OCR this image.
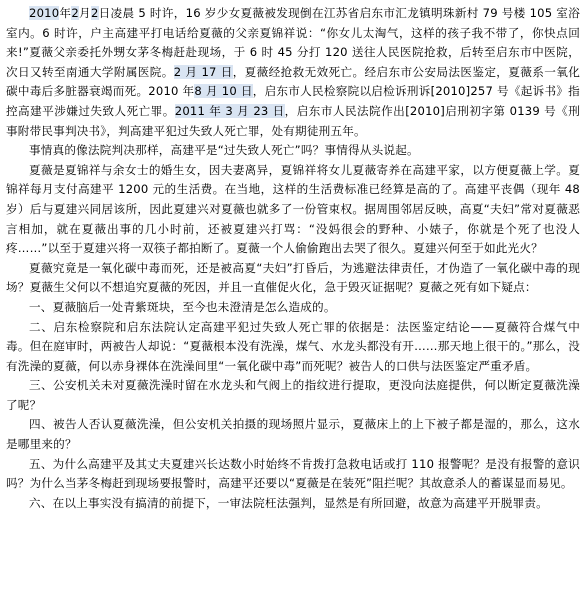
2010年2月2日凌晨 5 时许，16 岁少女夏薇被发现倒在江苏省启东市汇龙镇明珠新村 79 号楼 105 室浴室内。6 时许，户主高建平打电话给夏薇的父亲夏锦祥说：“你女儿太淘气，这样的孩子我不带了，你快点回来!”夏薇父亲委托外甥女茅冬梅赶赴现场，于 6 时 45 分打 120 送往人民医院抢救，后转至启东市中医院，次日又转至南通大学附属医院。2 月 17 日，夏薇经抢救无效死亡。经启东市公安局法医鉴定，夏薇系一氧化碳中毒后多脏器衰竭而死。2010 年8 月 10 日，启东市人民检察院以启检诉刑诉[2010]257 号《起诉书》指控高建平涉嫌过失致人死亡罪。2011 年 3 月 23 日，启东市人民法院作出[2010]启刑初字第 0139 号《刑事附带民事判决书》，判高建平犯过失致人死亡罪，处有期徒刑五年。

事情真的像法院判决那样，高建平是“过失致人死亡”吗？事情得从头说起。

夏薇是夏锦祥与余女士的婚生女，因夫妻离异，夏锦祥将女儿夏薇寄养在高建平家，以方便夏薇上学。夏锦祥每月支付高建平 1200 元的生活费。在当地，这样的生活费标准已经算是高的了。高建平丧偶（现年 48 岁）后与夏建兴同居该所，因此夏建兴对夏薇也就多了一份管束权。据周围邻居反映，高夏“夫妇”常对夏薇恶言相加，就在夏薇出事的几小时前，还被夏建兴打骂：“没妈很会的野种、小婊子，你就是个死了也没人疼……”以至于夏建兴将一双筷子都拍断了。夏薇一个人偷偷跑出去哭了很久。夏建兴何至于如此光火？

夏薇究竟是一氧化碳中毒而死，还是被高夏“夫妇”打昏后，为逃避法律责任，才伪造了一氧化碳中毒的现场？夏薇生父何以不想追究夏薇的死因，并且一直催促火化，急于毁灭证据呢？夏薇之死有如下疑点：

一、夏薇脑后一处青紫斑块，至今也未澄清是怎么造成的。

二、启东检察院和启东法院认定高建平犯过失致人死亡罪的依据是：法医鉴定结论——夏薇符合煤气中毒。但在庭审时，两被告人却说：“夏薇根本没有洗澡，煤气、水龙头都没有开……那天地上很干的。”那么，没有洗澡的夏薇，何以赤身裸体在洗澡间里“一氧化碳中毒”而死呢？被告人的口供与法医鉴定严重矛盾。

三、公安机关未对夏薇洗澡时留在水龙头和气阀上的指纹进行提取，更没向法庭提供，何以断定夏薇洗澡了呢？

四、被告人否认夏薇洗澡，但公安机关拍摄的现场照片显示，夏薇床上的上下被子都是湿的，那么，这水是哪里来的？

五、为什么高建平及其丈夫夏建兴长达数小时始终不肯拨打急救电话或打 110 报警呢？是没有报警的意识吗？为什么当茅冬梅赶到现场要报警时，高建平还要以“夏薇是在装死”阻拦呢？其故意杀人的蓄谋显而易见。

六、在以上事实没有搞清的前提下，一审法院枉法强判，显然是有所回避，故意为高建平开脱罪责。
